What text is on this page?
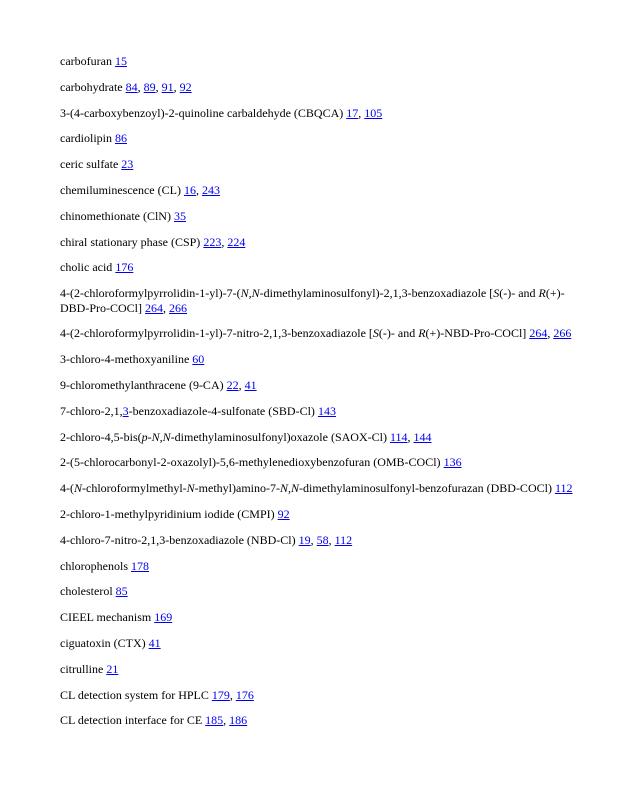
carbofuran 15

carbohydrate 84, 89, 91, 92

3-(4-carboxybenzoyl)-2-quinoline carbaldehyde (CBQCA) 17, 105

cardiolipin 86

ceric sulfate 23

chemiluminescence (CL) 16, 243

chinomethionate (ClN) 35

chiral stationary phase (CSP) 223, 224

cholic acid 176

4-(2-chloroformylpyrrolidin-1-yl)-7-(N,N-dimethylaminosulfonyl)-2,1,3-benzoxadiazole [S(-)- and R(+)-DBD-Pro-COCl] 264, 266

4-(2-chloroformylpyrrolidin-1-yl)-7-nitro-2,1,3-benzoxadiazole [S(-)- and R(+)-NBD-Pro-COCl] 264, 266

3-chloro-4-methoxyaniline 60

9-chloromethylanthracene (9-CA) 22, 41

7-chloro-2,1,3-benzoxadiazole-4-sulfonate (SBD-Cl) 143

2-chloro-4,5-bis(p-N,N-dimethylaminosulfonyl)oxazole (SAOX-Cl) 114, 144

2-(5-chlorocarbonyl-2-oxazolyl)-5,6-methylenedioxybenzofuran (OMB-COCl) 136

4-(N-chloroformylmethyl-N-methyl)amino-7-N,N-dimethylaminosulfonyl-benzofurazan (DBD-COCl) 112

2-chloro-1-methylpyridinium iodide (CMPI) 92

4-chloro-7-nitro-2,1,3-benzoxadiazole (NBD-Cl) 19, 58, 112

chlorophenols 178

cholesterol 85

CIEEL mechanism 169

ciguatoxin (CTX) 41

citrulline 21

CL detection system for HPLC 179, 176

CL detection interface for CE 185, 186
